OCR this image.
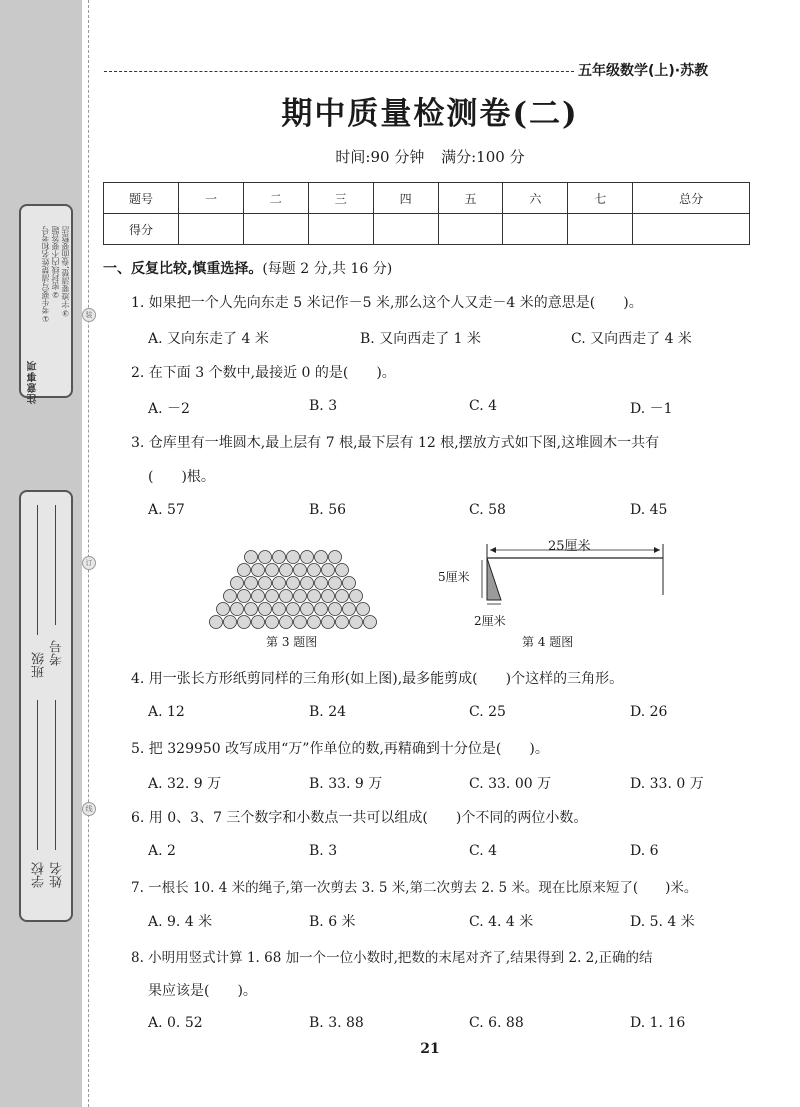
注意事项
①考生要写清楚姓名和考号 ②密封线内不要答题 ③字迹要清楚,卷面要整洁
学校 姓名
班级 考号
装
订
线
五年级数学(上)·苏教
期中质量检测卷(二)
时间:90 分钟 满分:100 分
题号	一	二	三	四	五	六	七	总分
得分								
一、反复比较,慎重选择。(每题 2 分,共 16 分)
1. 如果把一个人先向东走 5 米记作－5 米,那么这个人又走－4 米的意思是(　　)。
A. 又向东走了 4 米	B. 又向西走了 1 米	C. 又向西走了 4 米
2. 在下面 3 个数中,最接近 0 的是(　　)。
A. －2	B. 3	C. 4	D. －1
3. 仓库里有一堆圆木,最上层有 7 根,最下层有 12 根,摆放方式如下图,这堆圆木一共有
(　　)根。
A. 57	B. 56	C. 58	D. 45
第 3 题图
25厘米
5厘米
2厘米
第 4 题图
4. 用一张长方形纸剪同样的三角形(如上图),最多能剪成(　　)个这样的三角形。
A. 12	B. 24	C. 25	D. 26
5. 把 329950 改写成用“万”作单位的数,再精确到十分位是(　　)。
A. 32. 9 万	B. 33. 9 万	C. 33. 00 万	D. 33. 0 万
6. 用 0、3、7 三个数字和小数点一共可以组成(　　)个不同的两位小数。
A. 2	B. 3	C. 4	D. 6
7. 一根长 10. 4 米的绳子,第一次剪去 3. 5 米,第二次剪去 2. 5 米。现在比原来短了(　　)米。
A. 9. 4 米	B. 6 米	C. 4. 4 米	D. 5. 4 米
8. 小明用竖式计算 1. 68 加一个一位小数时,把数的末尾对齐了,结果得到 2. 2,正确的结
果应该是(　　)。
A. 0. 52	B. 3. 88	C. 6. 88	D. 1. 16
21
